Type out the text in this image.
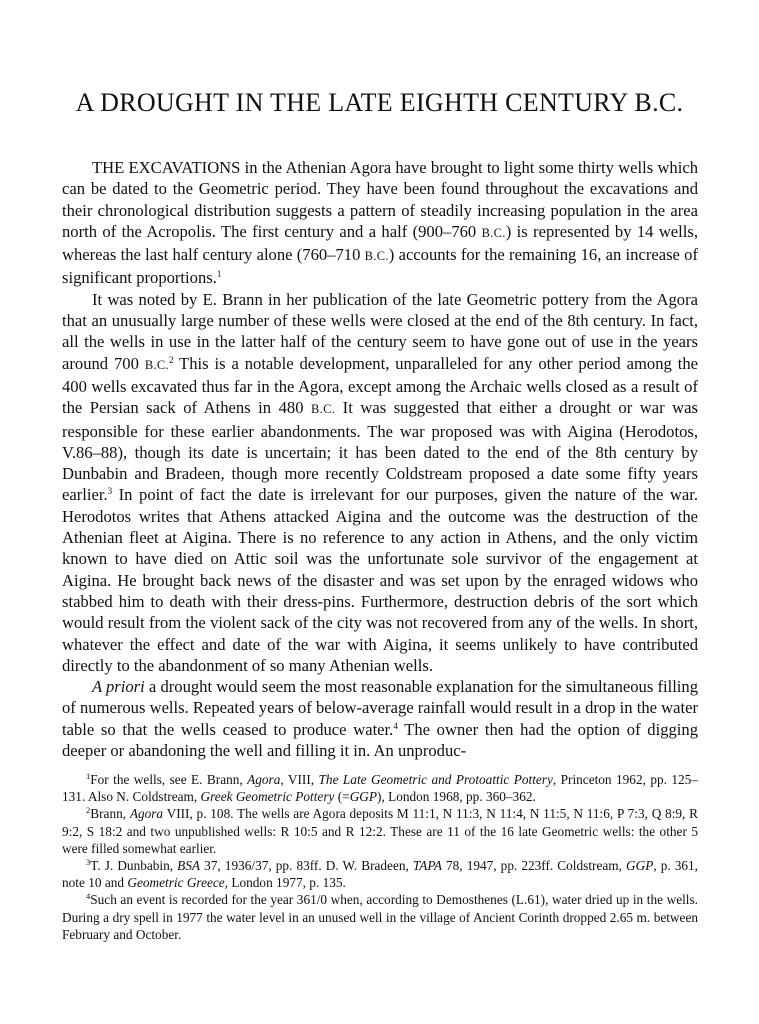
A DROUGHT IN THE LATE EIGHTH CENTURY B.C.

THE EXCAVATIONS in the Athenian Agora have brought to light some thirty wells which can be dated to the Geometric period. They have been found throughout the excavations and their chronological distribution suggests a pattern of steadily increasing population in the area north of the Acropolis. The first century and a half (900–760 B.C.) is represented by 14 wells, whereas the last half century alone (760–710 B.C.) accounts for the remaining 16, an increase of significant proportions.$^1$

It was noted by E. Brann in her publication of the late Geometric pottery from the Agora that an unusually large number of these wells were closed at the end of the 8th century. In fact, all the wells in use in the latter half of the century seem to have gone out of use in the years around 700 B.C.$^2$ This is a notable development, unparalleled for any other period among the 400 wells excavated thus far in the Agora, except among the Archaic wells closed as a result of the Persian sack of Athens in 480 B.C. It was suggested that either a drought or war was responsible for these earlier abandonments. The war proposed was with Aigina (Herodotos, V.86–88), though its date is uncertain; it has been dated to the end of the 8th century by Dunbabin and Bradeen, though more recently Coldstream proposed a date some fifty years earlier.$^3$ In point of fact the date is irrelevant for our purposes, given the nature of the war. Herodotos writes that Athens attacked Aigina and the outcome was the destruction of the Athenian fleet at Aigina. There is no reference to any action in Athens, and the only victim known to have died on Attic soil was the unfortunate sole survivor of the engagement at Aigina. He brought back news of the disaster and was set upon by the enraged widows who stabbed him to death with their dress-pins. Furthermore, destruction debris of the sort which would result from the violent sack of the city was not recovered from any of the wells. In short, whatever the effect and date of the war with Aigina, it seems unlikely to have contributed directly to the abandonment of so many Athenian wells.

A priori a drought would seem the most reasonable explanation for the simultaneous filling of numerous wells. Repeated years of below-average rainfall would result in a drop in the water table so that the wells ceased to produce water.$^4$ The owner then had the option of digging deeper or abandoning the well and filling it in. An unproduc-

$^1$For the wells, see E. Brann, Agora, VIII, The Late Geometric and Protoattic Pottery, Princeton 1962, pp. 125–131. Also N. Coldstream, Greek Geometric Pottery (=GGP), London 1968, pp. 360–362.

$^2$Brann, Agora VIII, p. 108. The wells are Agora deposits M 11:1, N 11:3, N 11:4, N 11:5, N 11:6, P 7:3, Q 8:9, R 9:2, S 18:2 and two unpublished wells: R 10:5 and R 12:2. These are 11 of the 16 late Geometric wells: the other 5 were filled somewhat earlier.

$^3$T. J. Dunbabin, BSA 37, 1936/37, pp. 83ff. D. W. Bradeen, TAPA 78, 1947, pp. 223ff. Coldstream, GGP, p. 361, note 10 and Geometric Greece, London 1977, p. 135.

$^4$Such an event is recorded for the year 361/0 when, according to Demosthenes (L.61), water dried up in the wells. During a dry spell in 1977 the water level in an unused well in the village of Ancient Corinth dropped 2.65 m. between February and October.
